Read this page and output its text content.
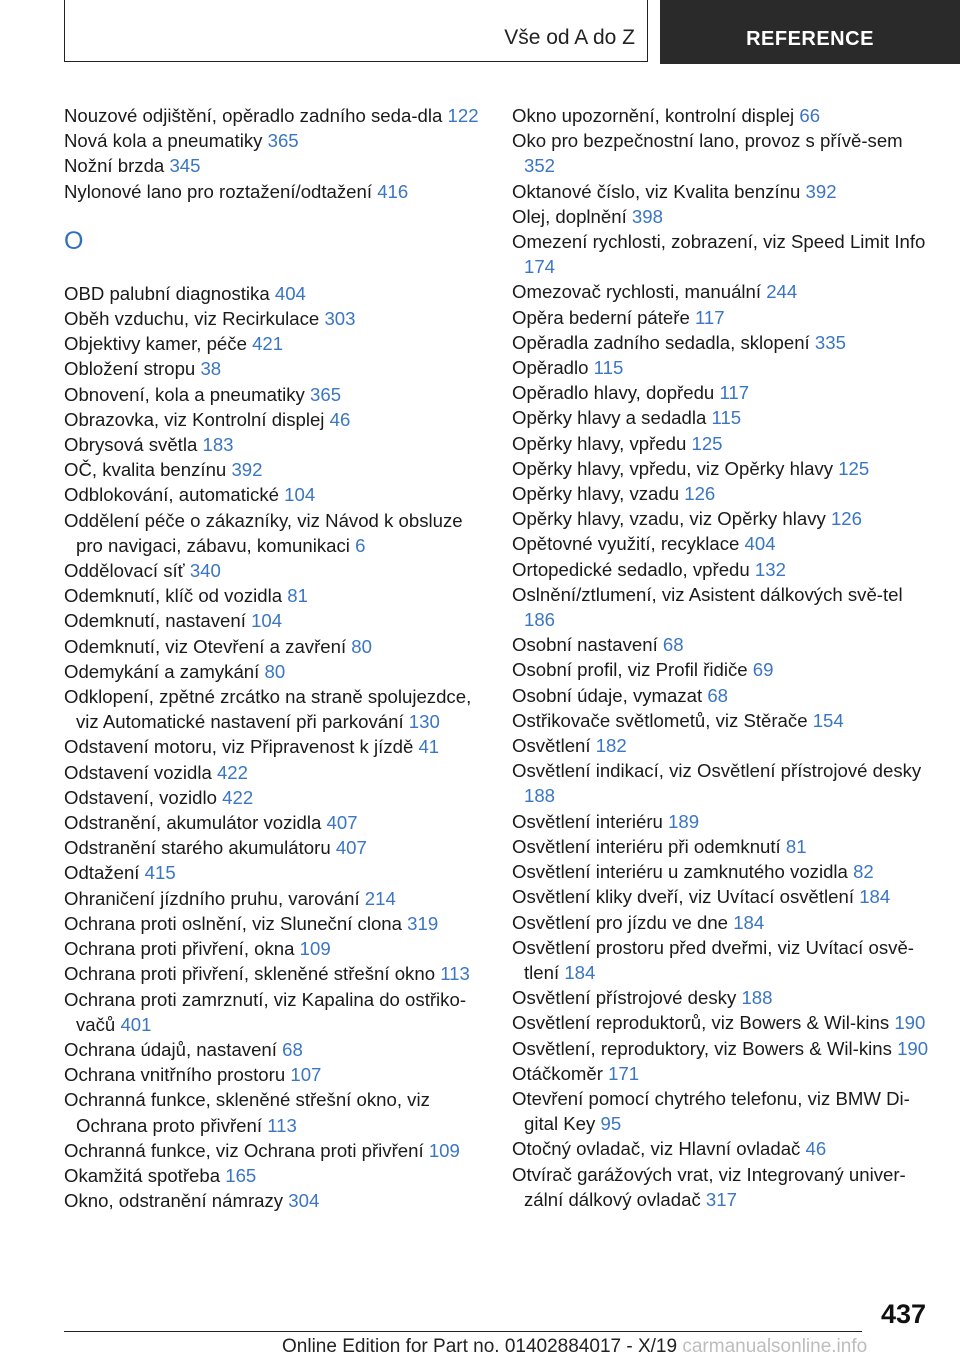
Vše od A do Z	REFERENCE
Nouzové odjištění, opěradlo zadního seda-dla 122
Nová kola a pneumatiky 365
Nožní brzda 345
Nylonové lano pro roztažení/odtažení 416
O
OBD palubní diagnostika 404
Oběh vzduchu, viz Recirkulace 303
Objektivy kamer, péče 421
Obložení stropu 38
Obnovení, kola a pneumatiky 365
Obrazovka, viz Kontrolní displej 46
Obrysová světla 183
OČ, kvalita benzínu 392
Odblokování, automatické 104
Oddělení péče o zákazníky, viz Návod k obsluze pro navigaci, zábavu, komunikaci 6
Oddělovací síť 340
Odemknutí, klíč od vozidla 81
Odemknutí, nastavení 104
Odemknutí, viz Otevření a zavření 80
Odemykání a zamykání 80
Odklopení, zpětné zrcátko na straně spolujezdce, viz Automatické nastavení při parkování 130
Odstavení motoru, viz Připravenost k jízdě 41
Odstavení vozidla 422
Odstavení, vozidlo 422
Odstranění, akumulátor vozidla 407
Odstranění starého akumulátoru 407
Odtažení 415
Ohraničení jízdního pruhu, varování 214
Ochrana proti oslnění, viz Sluneční clona 319
Ochrana proti přivření, okna 109
Ochrana proti přivření, skleněné střešní okno 113
Ochrana proti zamrznutí, viz Kapalina do ostřiko-vačů 401
Ochrana údajů, nastavení 68
Ochrana vnitřního prostoru 107
Ochranná funkce, skleněné střešní okno, viz Ochrana proto přivření 113
Ochranná funkce, viz Ochrana proti přivření 109
Okamžitá spotřeba 165
Okno, odstranění námrazy 304
Okno upozornění, kontrolní displej 66
Oko pro bezpečnostní lano, provoz s přívě-sem 352
Oktanové číslo, viz Kvalita benzínu 392
Olej, doplnění 398
Omezení rychlosti, zobrazení, viz Speed Limit Info 174
Omezovač rychlosti, manuální 244
Opěra bederní páteře 117
Opěradla zadního sedadla, sklopení 335
Opěradlo 115
Opěradlo hlavy, dopředu 117
Opěrky hlavy a sedadla 115
Opěrky hlavy, vpředu 125
Opěrky hlavy, vpředu, viz Opěrky hlavy 125
Opěrky hlavy, vzadu 126
Opěrky hlavy, vzadu, viz Opěrky hlavy 126
Opětovné využití, recyklace 404
Ortopedické sedadlo, vpředu 132
Oslnění/ztlumení, viz Asistent dálkových svě-tel 186
Osobní nastavení 68
Osobní profil, viz Profil řidiče 69
Osobní údaje, vymazat 68
Ostřikovače světlometů, viz Stěrače 154
Osvětlení 182
Osvětlení indikací, viz Osvětlení přístrojové desky 188
Osvětlení interiéru 189
Osvětlení interiéru při odemknutí 81
Osvětlení interiéru u zamknutého vozidla 82
Osvětlení kliky dveří, viz Uvítací osvětlení 184
Osvětlení pro jízdu ve dne 184
Osvětlení prostoru před dveřmi, viz Uvítací osvě-tlení 184
Osvětlení přístrojové desky 188
Osvětlení reproduktorů, viz Bowers & Wil-kins 190
Osvětlení, reproduktory, viz Bowers & Wil-kins 190
Otáčkoměr 171
Otevření pomocí chytrého telefonu, viz BMW Di-gital Key 95
Otočný ovladač, viz Hlavní ovladač 46
Otvírač garážových vrat, viz Integrovaný univer-zální dálkový ovladač 317
437
Online Edition for Part no. 01402884017 - X/19 carmanualsonline.info
